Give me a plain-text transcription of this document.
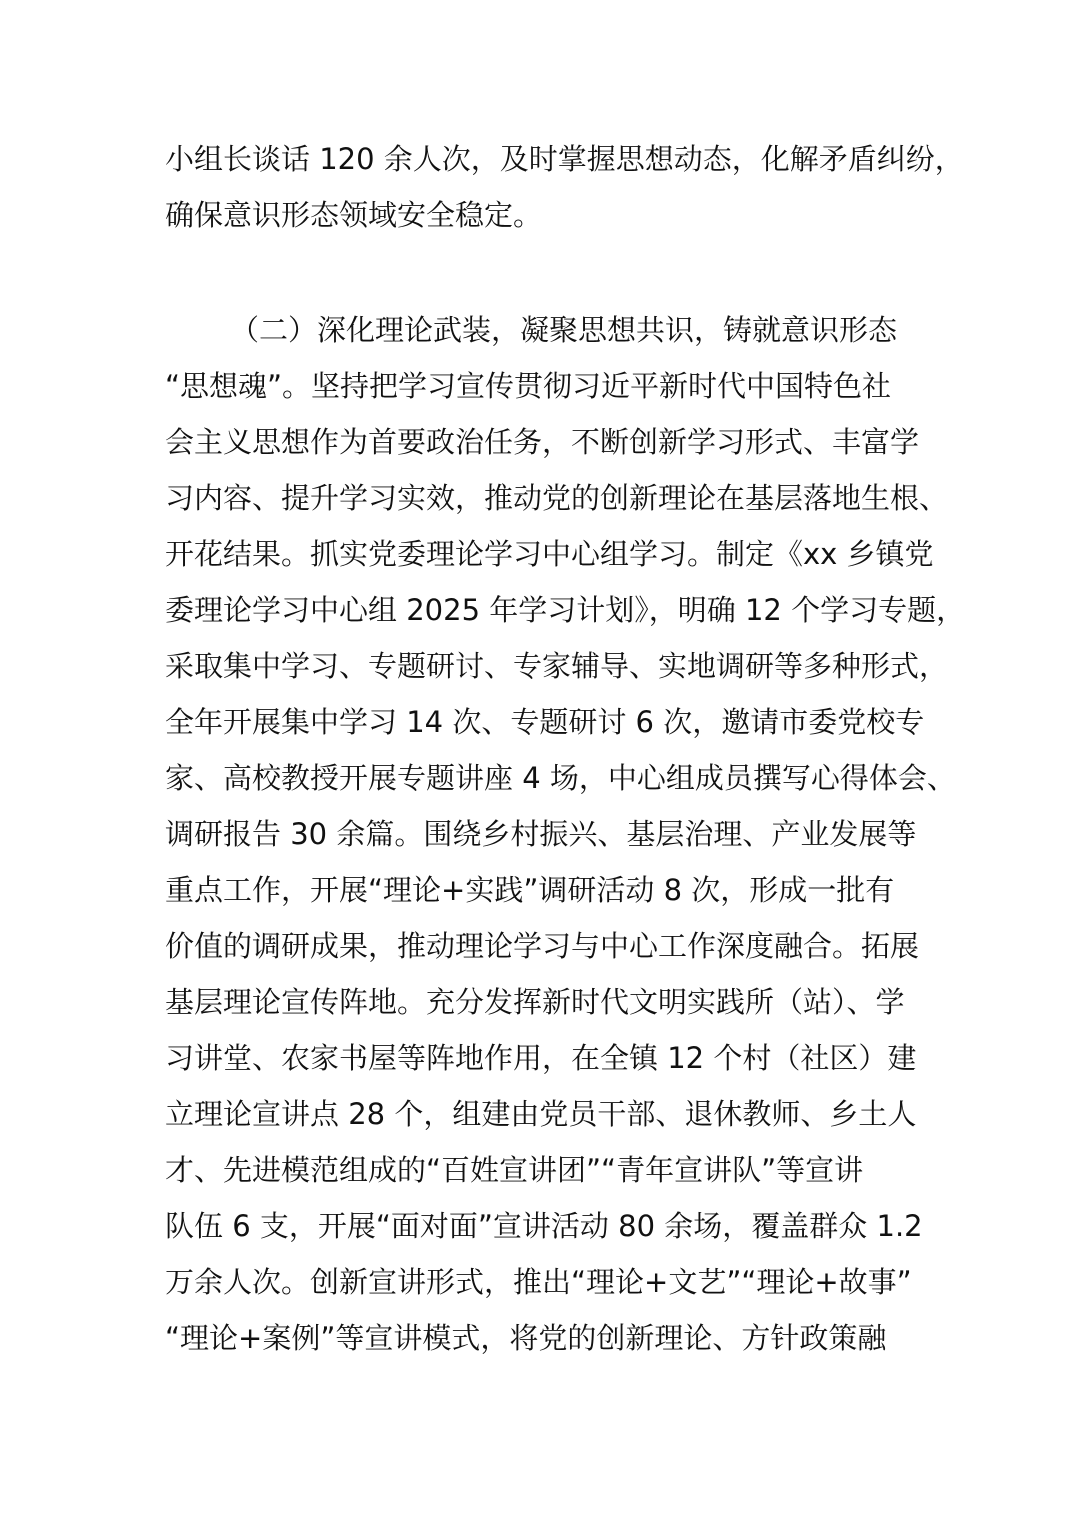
小组长谈话 120 余人次，及时掌握思想动态，化解矛盾纠纷，
确保意识形态领域安全稳定。
（二）深化理论武装，凝聚思想共识，铸就意识形态
“思想魂”。坚持把学习宣传贯彻习近平新时代中国特色社
会主义思想作为首要政治任务，不断创新学习形式、丰富学
习内容、提升学习实效，推动党的创新理论在基层落地生根、
开花结果。抓实党委理论学习中心组学习。制定《xx 乡镇党
委理论学习中心组 2025 年学习计划》，明确 12 个学习专题，
采取集中学习、专题研讨、专家辅导、实地调研等多种形式，
全年开展集中学习 14 次、专题研讨 6 次，邀请市委党校专
家、高校教授开展专题讲座 4 场，中心组成员撰写心得体会、
调研报告 30 余篇。围绕乡村振兴、基层治理、产业发展等
重点工作，开展“理论+实践”调研活动 8 次，形成一批有
价值的调研成果，推动理论学习与中心工作深度融合。拓展
基层理论宣传阵地。充分发挥新时代文明实践所（站）、学
习讲堂、农家书屋等阵地作用，在全镇 12 个村（社区）建
立理论宣讲点 28 个，组建由党员干部、退休教师、乡土人
才、先进模范组成的“百姓宣讲团”“青年宣讲队”等宣讲
队伍 6 支，开展“面对面”宣讲活动 80 余场，覆盖群众 1.2
万余人次。创新宣讲形式，推出“理论+文艺”“理论+故事”
“理论+案例”等宣讲模式，将党的创新理论、方针政策融
